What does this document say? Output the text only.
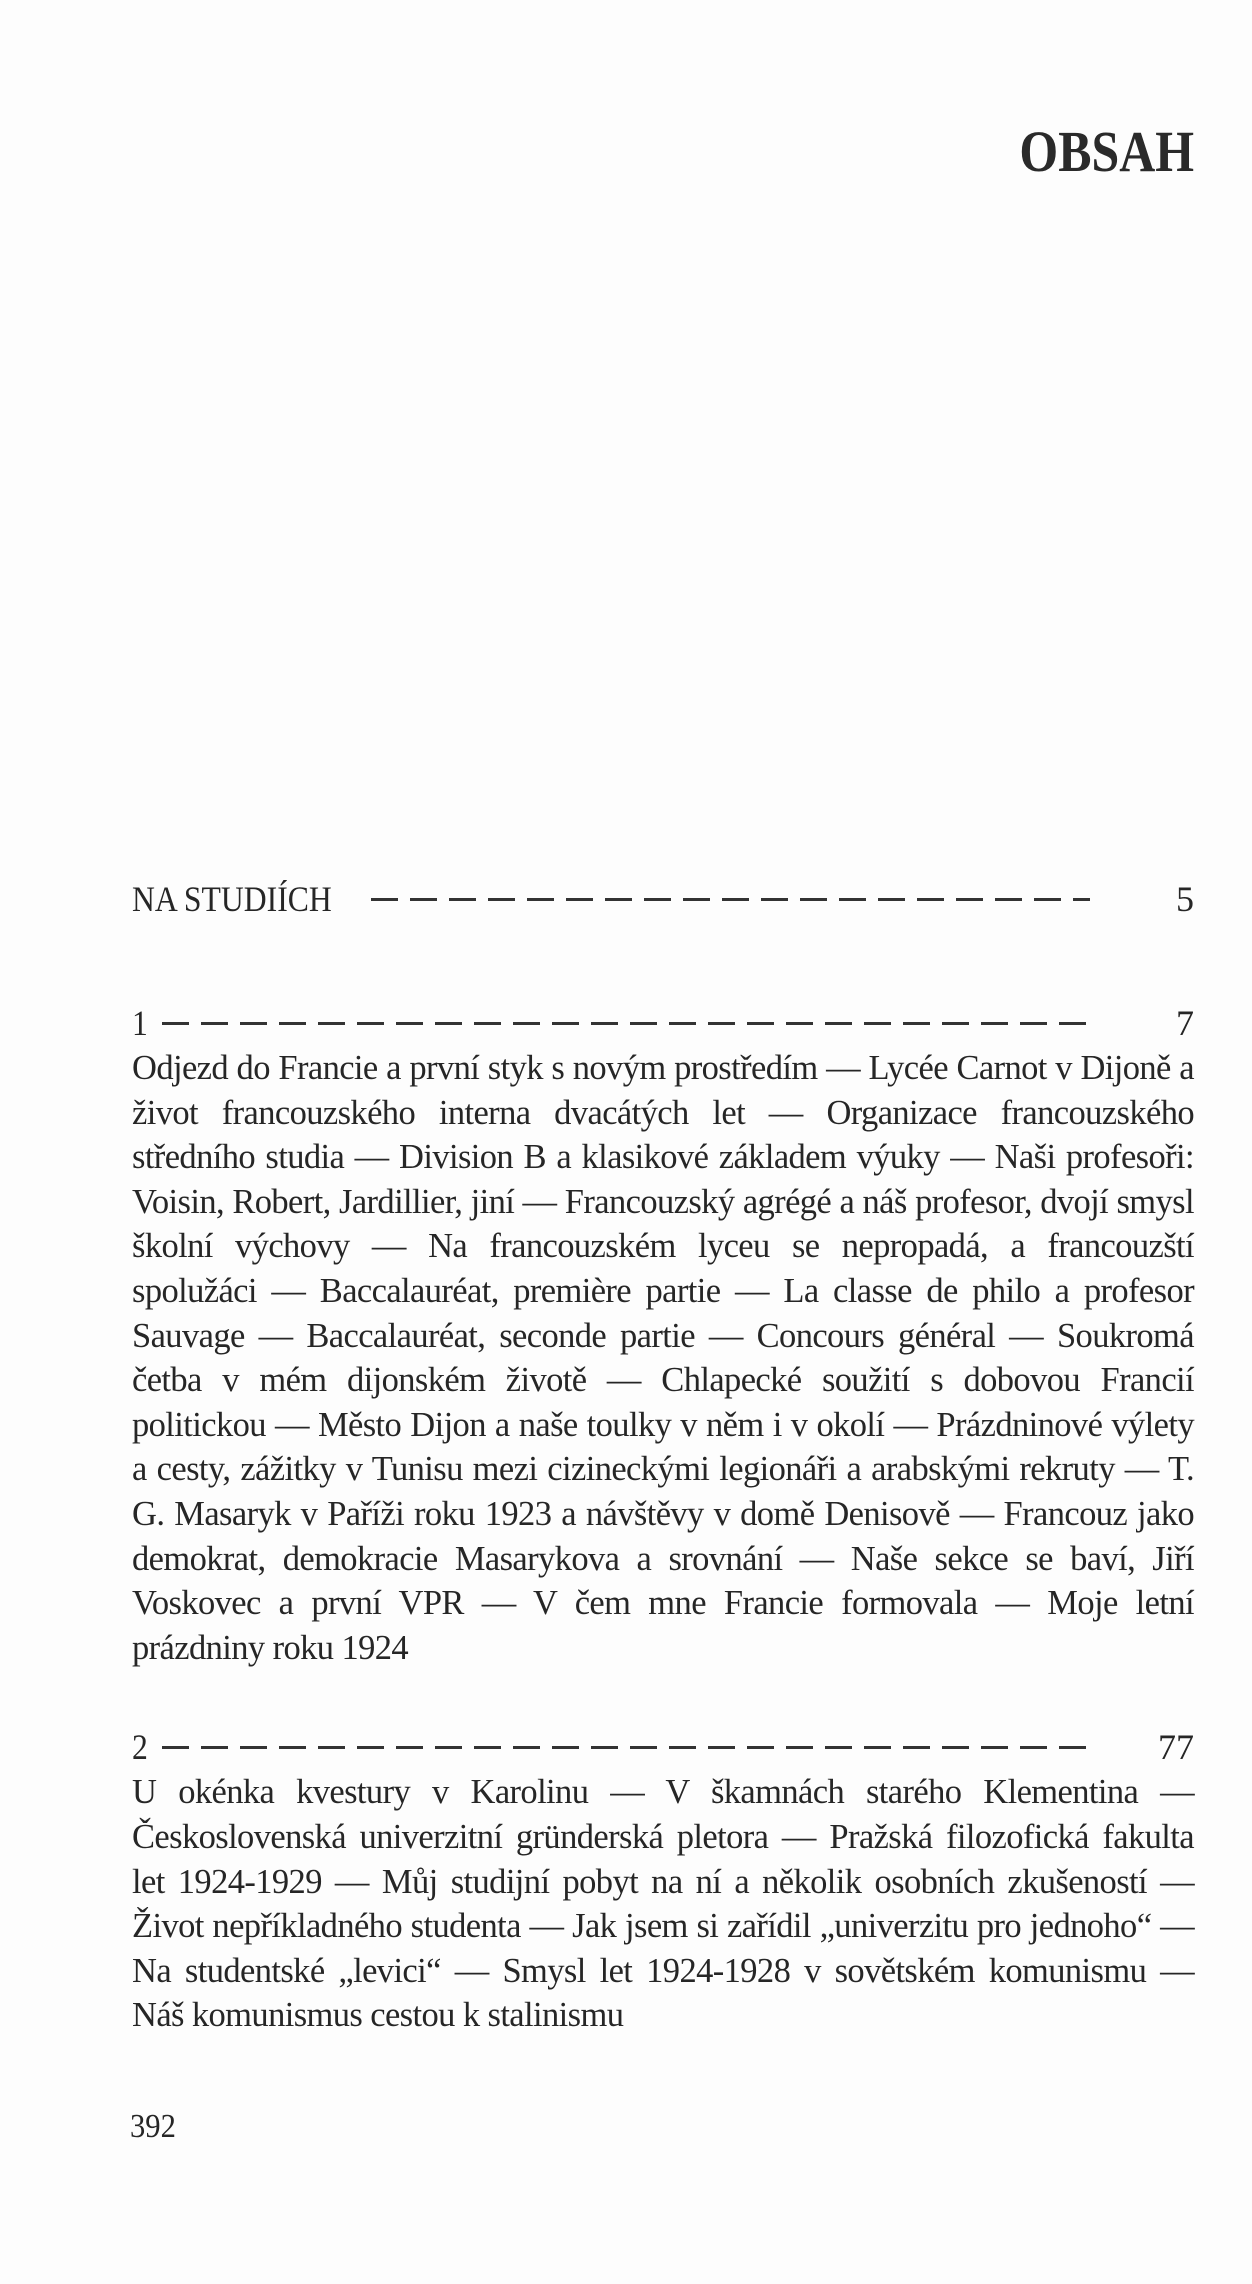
OBSAH
NA STUDIÍCH	5
1	7

Odjezd do Francie a první styk s novým prostředím — Lycée Carnot v Dijoně a život francouzského interna dvacátých let — Organizace francouzského středního studia — Division B a klasikové základem výuky — Naši profesoři: Voisin, Robert, Jardillier, jiní — Francouzský agrégé a náš profesor, dvojí smysl školní výchovy — Na francouzském lyceu se nepropadá, a francouzští spolužáci — Baccalauréat, première partie — La classe de philo a profesor Sauvage — Baccalauréat, seconde partie — Concours général — Soukromá četba v mém dijonském životě — Chlapecké soužití s dobovou Francií politickou — Město Dijon a naše toulky v něm i v okolí — Prázdninové výlety a cesty, zážitky v Tunisu mezi cizineckými legionáři a arabskými rekruty — T. G. Masaryk v Paříži roku 1923 a návštěvy v domě Denisově — Francouz jako demokrat, demokracie Masarykova a srovnání — Naše sekce se baví, Jiří Voskovec a první VPR — V čem mne Francie formovala — Moje letní prázdniny roku 1924

2	77

U okénka kvestury v Karolinu — V škamnách starého Klementina — Československá univerzitní gründerská pletora — Pražská filozofická fakulta let 1924-1929 — Můj studijní pobyt na ní a několik osobních zkušeností — Život nepříkladného studenta — Jak jsem si zařídil „univerzitu pro jednoho“ — Na studentské „levici“ — Smysl let 1924-1928 v sovětském komunismu — Náš komunismus cestou k stalinismu

392
